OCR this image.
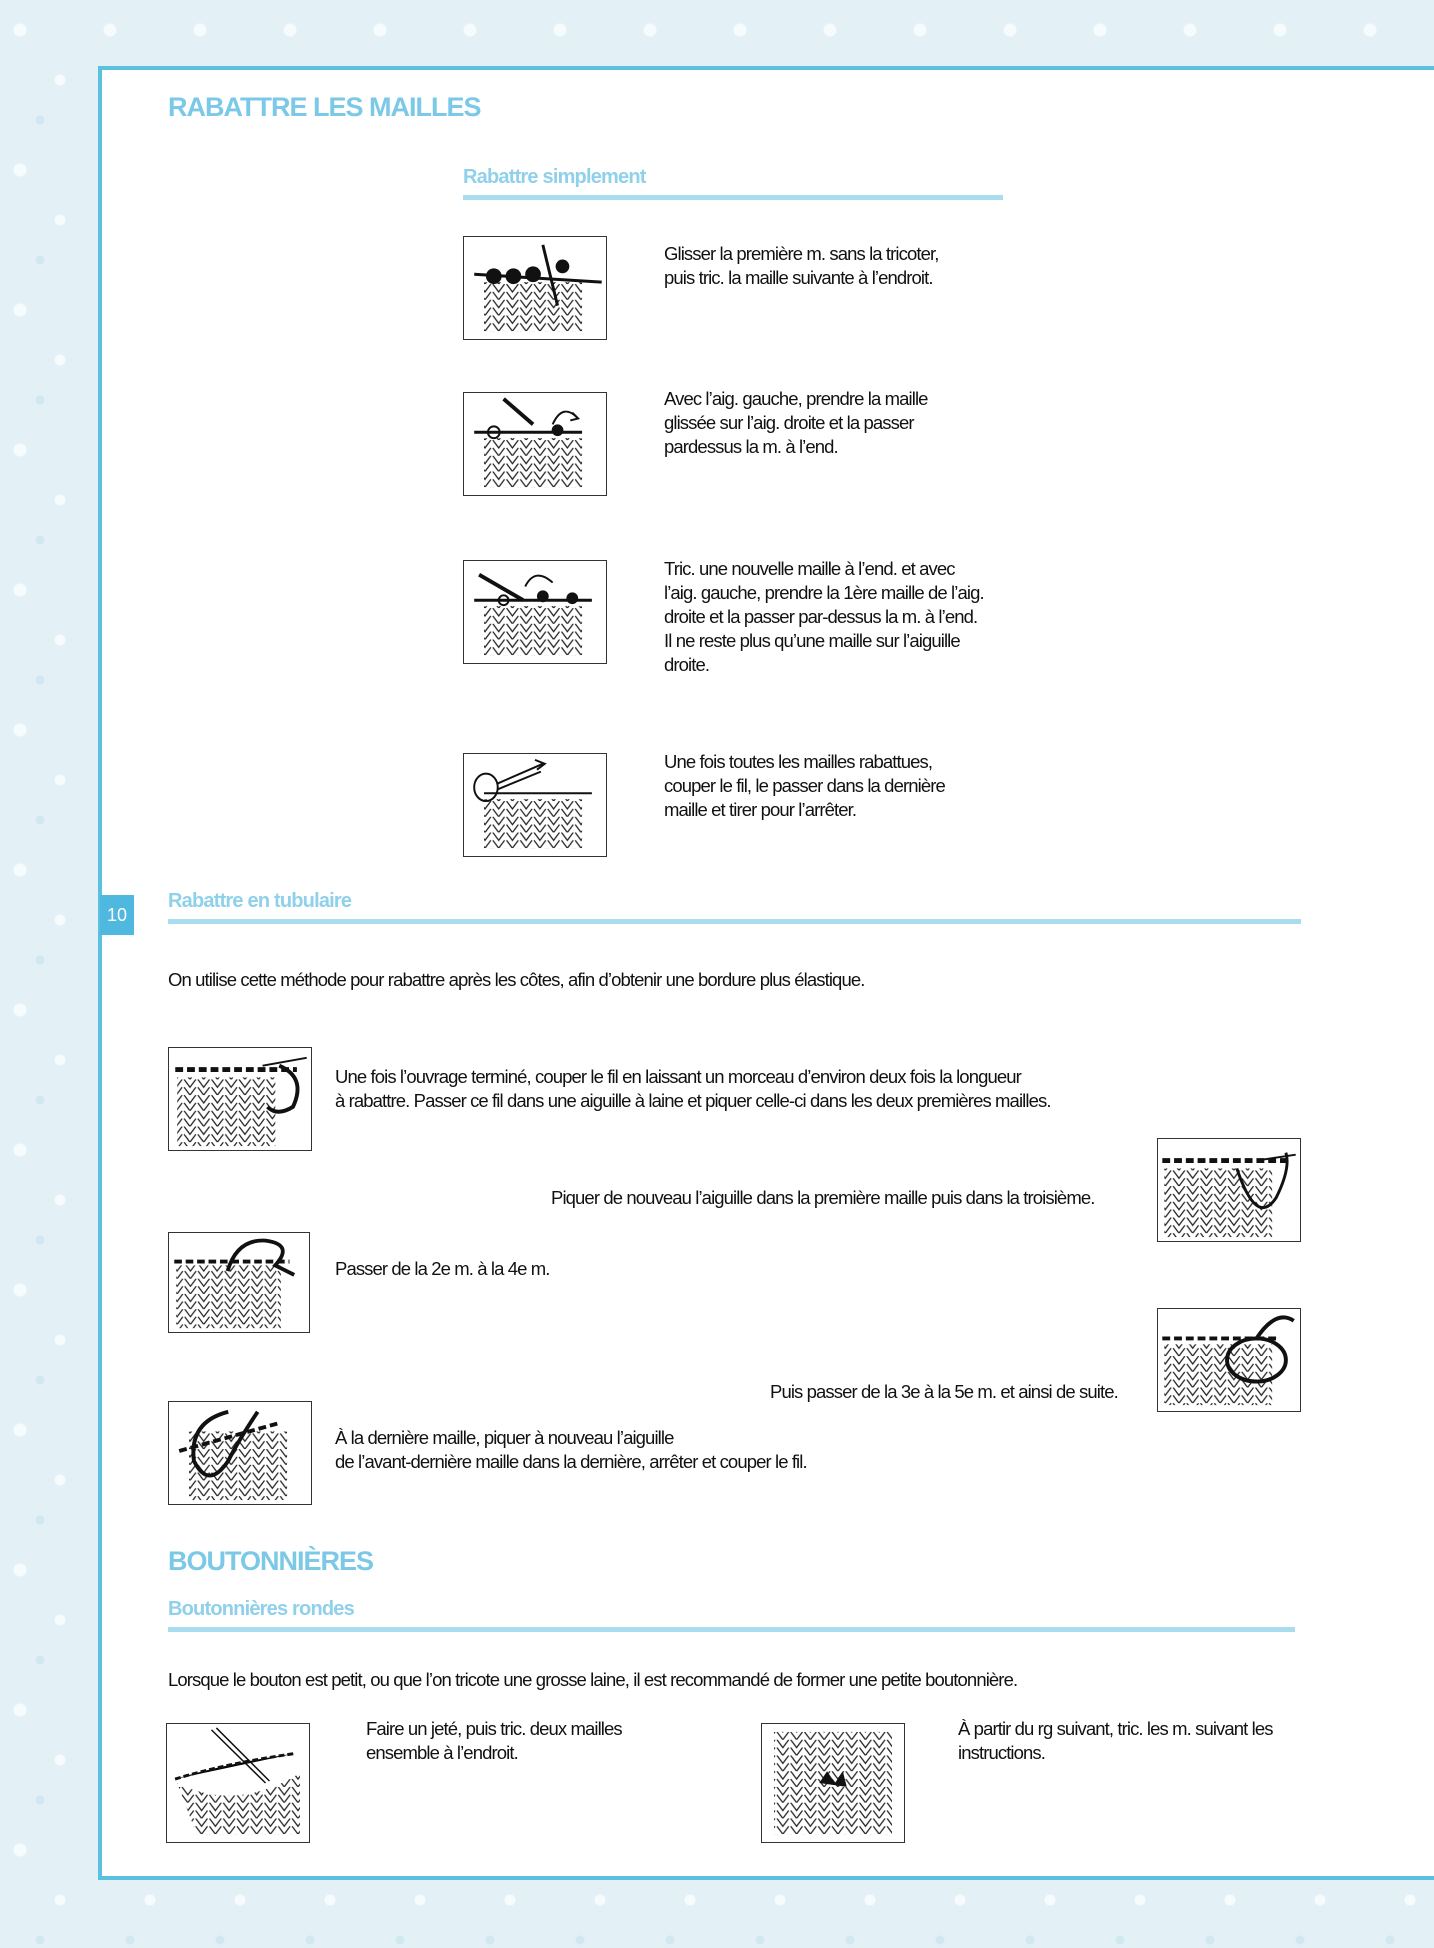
10
RABATTRE LES MAILLES
Rabattre simplement
Glisser la première m. sans la tricoter,
puis tric. la maille suivante à l’endroit.
Avec l’aig. gauche, prendre la maille
glissée sur l’aig. droite et la passer
pardessus la m. à l’end.
Tric. une nouvelle maille à l’end. et avec
l’aig. gauche, prendre la 1ère maille de l’aig.
droite et la passer par-dessus la m. à l’end.
Il ne reste plus qu’une maille sur l’aiguille
droite.
Une fois toutes les mailles rabattues,
couper le fil, le passer dans la dernière
maille et tirer pour l’arrêter.
Rabattre en tubulaire
On utilise cette méthode pour rabattre après les côtes, afin d’obtenir une bordure plus élastique.
Une fois l’ouvrage terminé, couper le fil en laissant un morceau d’environ deux fois la longueur
à rabattre. Passer ce fil dans une aiguille à laine et piquer celle-ci dans les deux premières mailles.
Piquer de nouveau l’aiguille dans la première maille puis dans la troisième.
Passer de la 2e m. à la 4e m.
Puis passer de la 3e à la 5e m. et ainsi de suite.
À la dernière maille, piquer à nouveau l’aiguille
de l’avant-dernière maille dans la dernière, arrêter et couper le fil.
BOUTONNIÈRES
Boutonnières rondes
Lorsque le bouton est petit, ou que l’on tricote une grosse laine, il est recommandé de former une petite boutonnière.
Faire un jeté, puis tric. deux mailles
ensemble à l’endroit.
À partir du rg suivant, tric. les m. suivant les
instructions.
